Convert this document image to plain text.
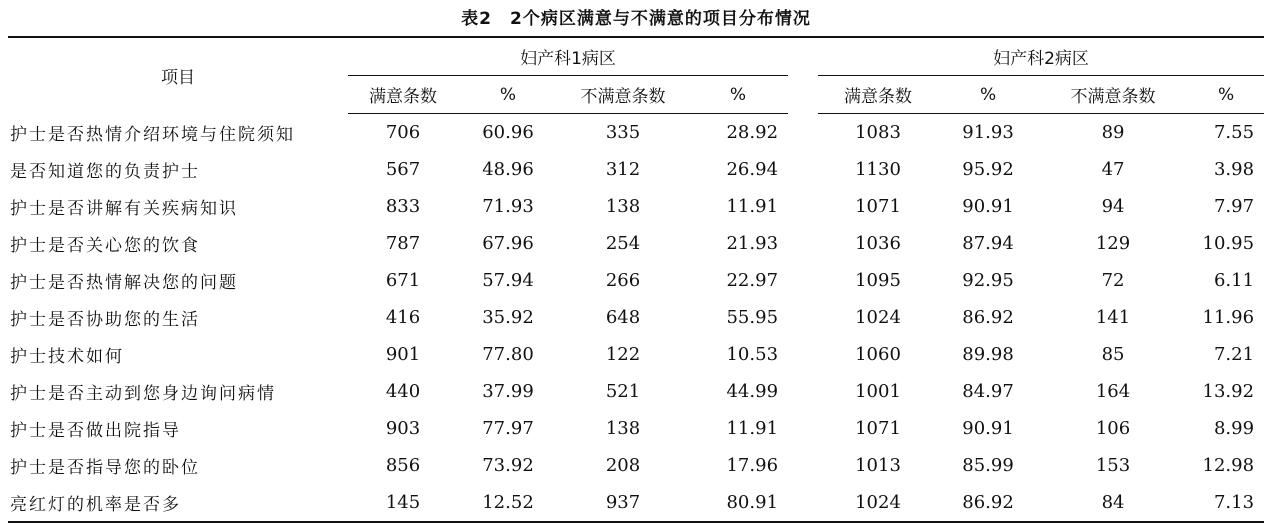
表2　2个病区满意与不满意的项目分布情况
项目	妇产科1病区					妇产科2病区			
	满意条数	%	不满意条数	%		满意条数	%	不满意条数	%
护士是否热情介绍环境与住院须知	706	60.96	335	28.92		1083	91.93	89	7.55
是否知道您的负责护士	567	48.96	312	26.94		1130	95.92	47	3.98
护士是否讲解有关疾病知识	833	71.93	138	11.91		1071	90.91	94	7.97
护士是否关心您的饮食	787	67.96	254	21.93		1036	87.94	129	10.95
护士是否热情解决您的问题	671	57.94	266	22.97		1095	92.95	72	6.11
护士是否协助您的生活	416	35.92	648	55.95		1024	86.92	141	11.96
护士技术如何	901	77.80	122	10.53		1060	89.98	85	7.21
护士是否主动到您身边询问病情	440	37.99	521	44.99		1001	84.97	164	13.92
护士是否做出院指导	903	77.97	138	11.91		1071	90.91	106	8.99
护士是否指导您的卧位	856	73.92	208	17.96		1013	85.99	153	12.98
亮红灯的机率是否多	145	12.52	937	80.91		1024	86.92	84	7.13
